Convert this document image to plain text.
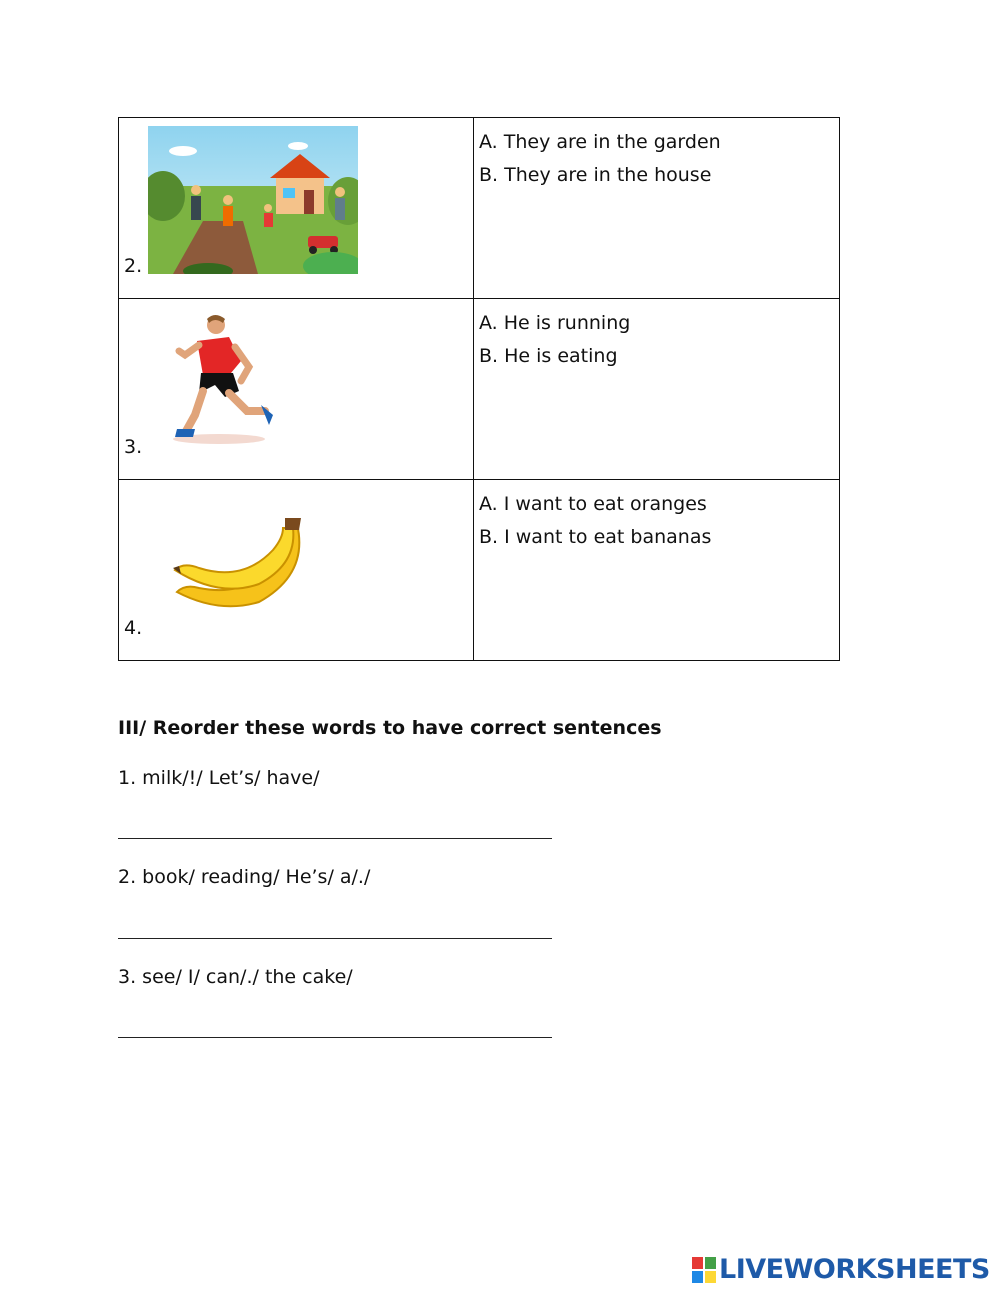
2.	A. They are in the garden
B. They are in the house

3.	A. He is running
B. He is eating

4.	A. I want to eat oranges
B. I want to eat bananas
III/ Reorder these words to have correct sentences
1. milk/!/ Let’s/ have/
2. book/ reading/ He’s/ a/./
3. see/ I/ can/./ the cake/
LIVEWORKSHEETS
